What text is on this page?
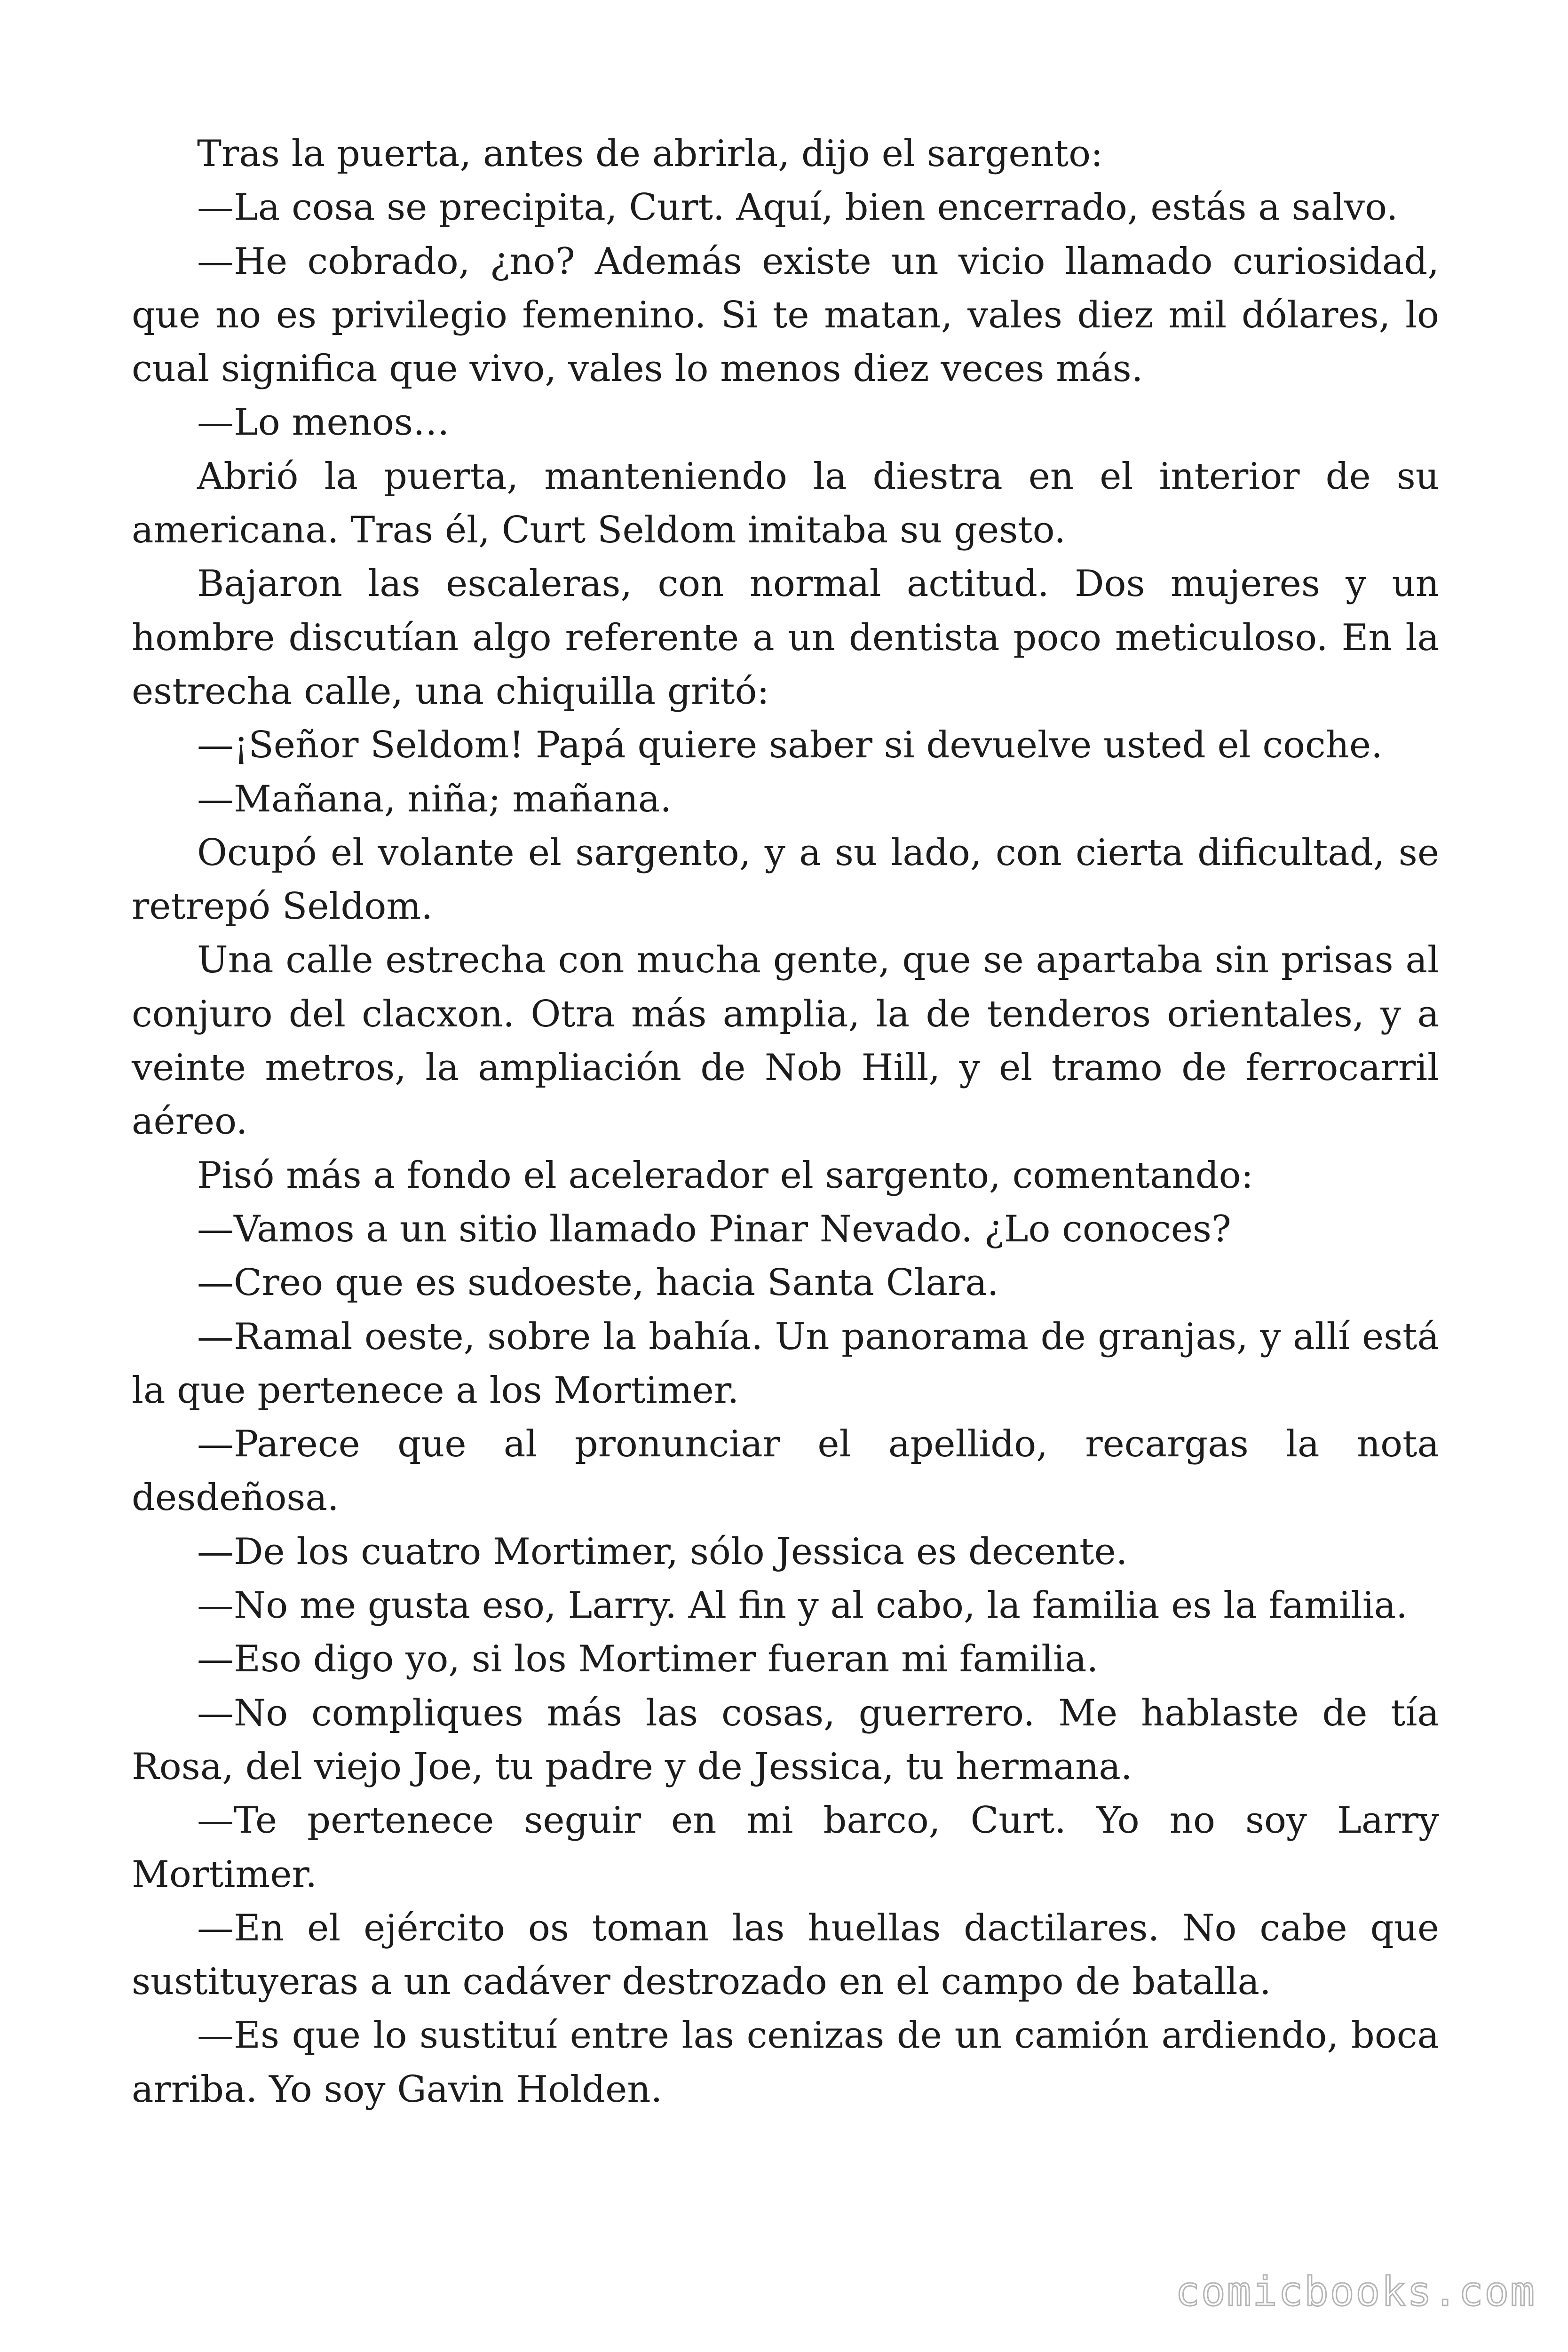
Tras la puerta, antes de abrirla, dijo el sargento:

—La cosa se precipita, Curt. Aquí, bien encerrado, estás a salvo.

—He cobrado, ¿no? Además existe un vicio llamado curiosidad, que no es privilegio femenino. Si te matan, vales diez mil dólares, lo cual significa que vivo, vales lo menos diez veces más.

—Lo menos…

Abrió la puerta, manteniendo la diestra en el interior de su americana. Tras él, Curt Seldom imitaba su gesto.

Bajaron las escaleras, con normal actitud. Dos mujeres y un hombre discutían algo referente a un dentista poco meticuloso. En la estrecha calle, una chiquilla gritó:

—¡Señor Seldom! Papá quiere saber si devuelve usted el coche.

—Mañana, niña; mañana.

Ocupó el volante el sargento, y a su lado, con cierta dificultad, se retrepó Seldom.

Una calle estrecha con mucha gente, que se apartaba sin prisas al conjuro del clacxon. Otra más amplia, la de tenderos orientales, y a veinte metros, la ampliación de Nob Hill, y el tramo de ferrocarril aéreo.

Pisó más a fondo el acelerador el sargento, comentando:

—Vamos a un sitio llamado Pinar Nevado. ¿Lo conoces?

—Creo que es sudoeste, hacia Santa Clara.

—Ramal oeste, sobre la bahía. Un panorama de granjas, y allí está la que pertenece a los Mortimer.

—Parece que al pronunciar el apellido, recargas la nota desdeñosa.

—De los cuatro Mortimer, sólo Jessica es decente.

—No me gusta eso, Larry. Al fin y al cabo, la familia es la familia.

—Eso digo yo, si los Mortimer fueran mi familia.

—No compliques más las cosas, guerrero. Me hablaste de tía Rosa, del viejo Joe, tu padre y de Jessica, tu hermana.

—Te pertenece seguir en mi barco, Curt. Yo no soy Larry Mortimer.

—En el ejército os toman las huellas dactilares. No cabe que sustituyeras a un cadáver destrozado en el campo de batalla.

—Es que lo sustituí entre las cenizas de un camión ardiendo, boca arriba. Yo soy Gavin Holden.

comicbooks.com
